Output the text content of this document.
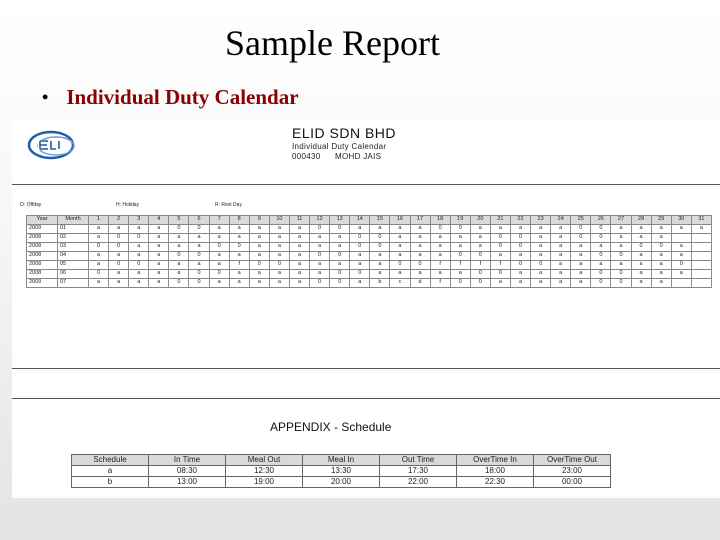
Sample Report
• Individual Duty Calendar
ELID SDN BHD
Individual Duty Calendar
000430 MOHD JAIS
O: Offday	H: Holiday	R: Rest Day
Year	Month	1	2	3	4	5	6	7	8	9	10	11	12	13	14	15	16	17	18	19	20	21	22	23	24	25	26	27	28	29	30	31
2009	01	a	a	a	a	0	0	a	a	a	a	a	0	0	a	a	a	a	0	0	a	a	a	a	a	0	0	a	a	a	a	a
2008	02	a	0	0	a	a	a	a	a	a	a	a	a	a	0	0	a	a	a	a	a	0	0	a	a	0	0	a	a	a		
2008	03	0	0	a	a	a	a	0	0	a	a	a	a	a	0	0	a	a	a	a	a	0	0	a	a	a	a	a	0	0	a	
2008	04	a	a	a	a	0	0	a	a	a	a	a	0	0	a	a	a	a	a	0	0	a	a	a	a	a	0	0	a	a	a	
2008	05	a	0	0	a	a	a	a	f	0	0	a	a	a	a	a	0	0	f	f	f	f	0	0	a	a	a	a	a	a	0	
2008	06	0	a	a	a	a	0	0	a	a	a	a	a	0	0	a	a	a	a	a	0	0	a	a	a	a	0	0	a	a	a	
2009	07	a	a	a	a	0	0	a	a	a	a	a	0	0	a	b	c	d	f	0	0	a	a	a	a	a	0	0	a	a		
APPENDIX - Schedule
Schedule	In Time	Meal Out	Meal In	Out Time	OverTime In	OverTime Out
a	08:30	12:30	13:30	17:30	18:00	23:00
b	13:00	19:00	20:00	22:00	22:30	00:00
